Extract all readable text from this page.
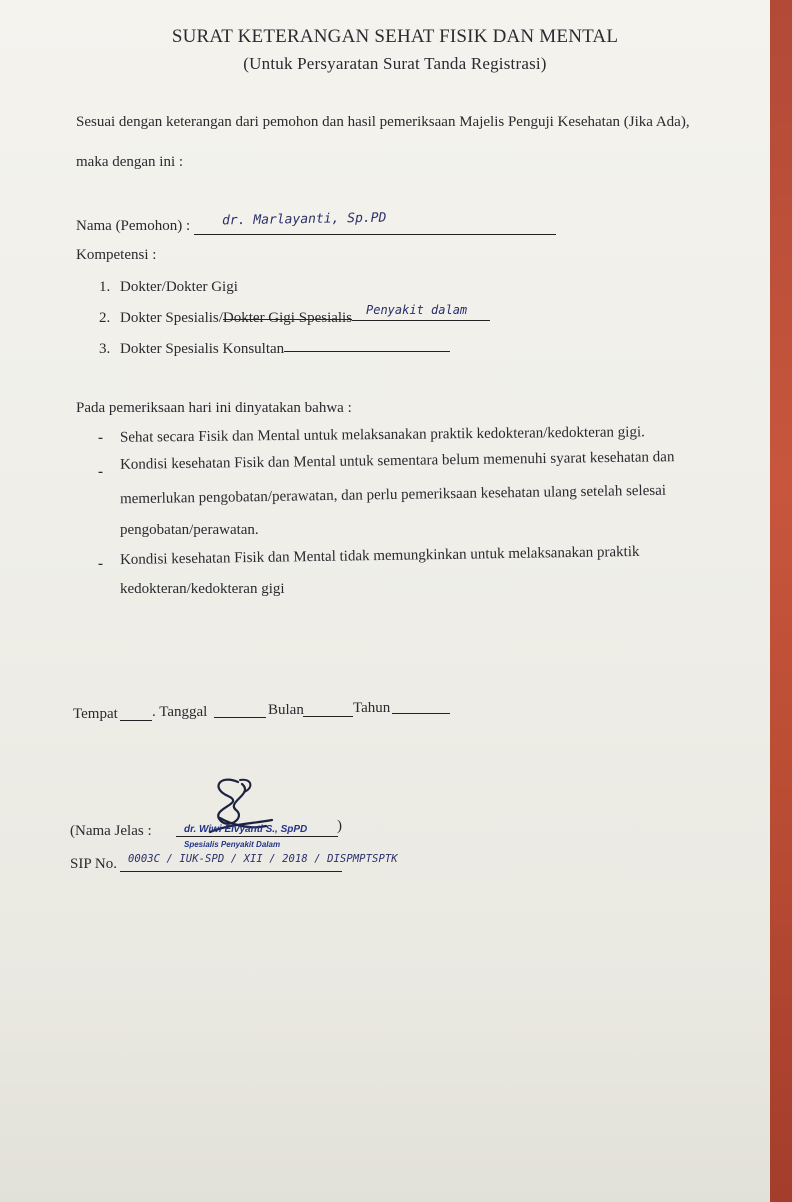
SURAT KETERANGAN SEHAT FISIK DAN MENTAL
(Untuk Persyaratan Surat Tanda Registrasi)
Sesuai dengan keterangan dari pemohon dan hasil pemeriksaan Majelis Penguji Kesehatan (Jika Ada),
maka dengan ini :
Nama (Pemohon) : dr. Marlayanti, Sp.PD
Kompetensi :
1. Dokter/Dokter Gigi
2. Dokter Spesialis/Dokter Gigi Spesialis Penyakit dalam
3. Dokter Spesialis Konsultan
Pada pemeriksaan hari ini dinyatakan bahwa :
- Sehat secara Fisik dan Mental untuk melaksanakan praktik kedokteran/kedokteran gigi.
- Kondisi kesehatan Fisik dan Mental untuk sementara belum memenuhi syarat kesehatan dan
memerlukan pengobatan/perawatan, dan perlu pemeriksaan kesehatan ulang setelah selesai
pengobatan/perawatan.
- Kondisi kesehatan Fisik dan Mental tidak memungkinkan untuk melaksanakan praktik
kedokteran/kedokteran gigi
Tempat . Tanggal	Bulan	Tahun
(Nama Jelas :	)
dr. Wiwi Elvyanti S., SpPD
Spesialis Penyakit Dalam
SIP No. 0003C / IUK-SPD / XII / 2018 / DISPMPTSPTK
